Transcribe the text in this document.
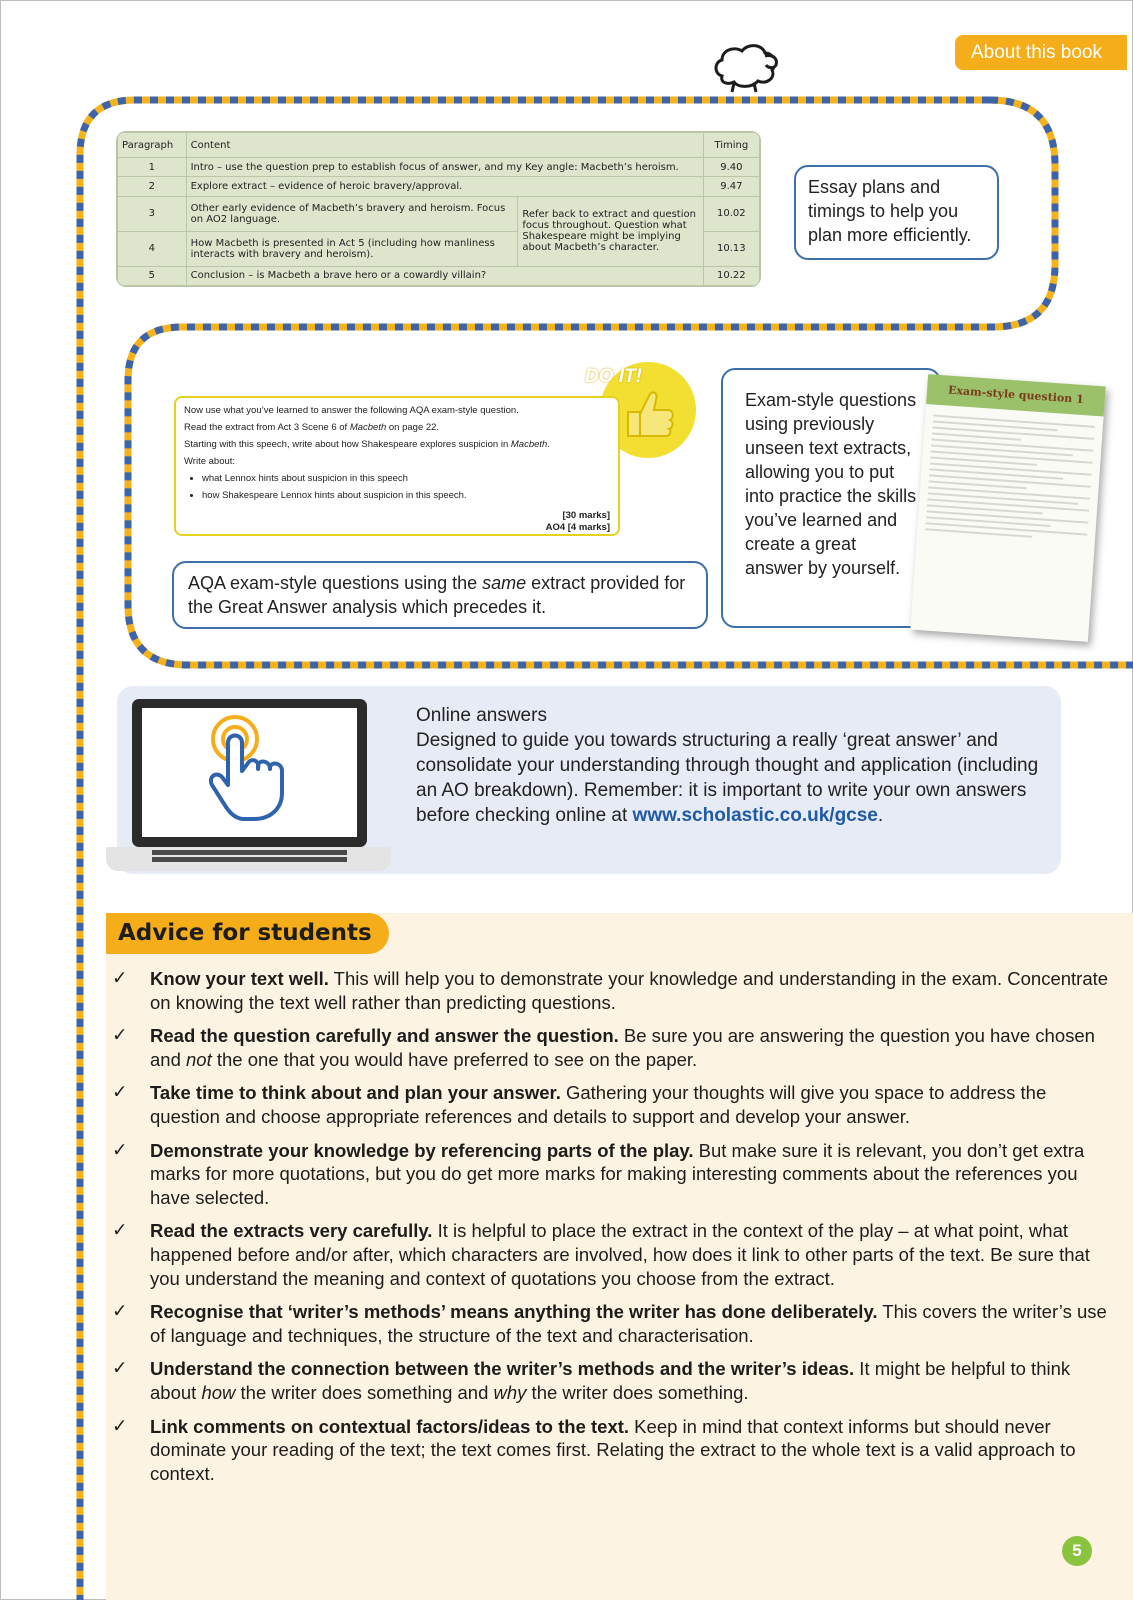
About this book
Paragraph	Content		Timing
1	Intro – use the question prep to establish focus of answer, and my Key angle: Macbeth’s heroism.		9.40
2	Explore extract – evidence of heroic bravery/approval.		9.47
3	Other early evidence of Macbeth’s bravery and heroism. Focus on AO2 language.	Refer back to extract and question focus throughout. Question what Shakespeare might be implying about Macbeth’s character.	10.02
4	How Macbeth is presented in Act 5 (including how manliness interacts with bravery and heroism).		10.13
5	Conclusion – is Macbeth a brave hero or a cowardly villain?		10.22
Essay plans and timings to help you plan more efficiently.
DO IT!
Now use what you’ve learned to answer the following AQA exam-style question.
Read the extract from Act 3 Scene 6 of Macbeth on page 22.
Starting with this speech, write about how Shakespeare explores suspicion in Macbeth.
Write about:
• what Lennox hints about suspicion in this speech
• how Shakespeare Lennox hints about suspicion in this speech.
[30 marks]
AO4 [4 marks]
AQA exam-style questions using the same extract provided for the Great Answer analysis which precedes it.
Exam-style questions using previously unseen text extracts, allowing you to put into practice the skills you’ve learned and create a great answer by yourself.
Exam-style question 1
Online answers
Designed to guide you towards structuring a really ‘great answer’ and consolidate your understanding through thought and application (including an AO breakdown). Remember: it is important to write your own answers before checking online at www.scholastic.co.uk/gcse.
Advice for students
✓ Know your text well. This will help you to demonstrate your knowledge and understanding in the exam. Concentrate on knowing the text well rather than predicting questions.
✓ Read the question carefully and answer the question. Be sure you are answering the question you have chosen and not the one that you would have preferred to see on the paper.
✓ Take time to think about and plan your answer. Gathering your thoughts will give you space to address the question and choose appropriate references and details to support and develop your answer.
✓ Demonstrate your knowledge by referencing parts of the play. But make sure it is relevant, you don’t get extra marks for more quotations, but you do get more marks for making interesting comments about the references you have selected.
✓ Read the extracts very carefully. It is helpful to place the extract in the context of the play – at what point, what happened before and/or after, which characters are involved, how does it link to other parts of the text. Be sure that you understand the meaning and context of quotations you choose from the extract.
✓ Recognise that ‘writer’s methods’ means anything the writer has done deliberately. This covers the writer’s use of language and techniques, the structure of the text and characterisation.
✓ Understand the connection between the writer’s methods and the writer’s ideas. It might be helpful to think about how the writer does something and why the writer does something.
✓ Link comments on contextual factors/ideas to the text. Keep in mind that context informs but should never dominate your reading of the text; the text comes first. Relating the extract to the whole text is a valid approach to context.
5
